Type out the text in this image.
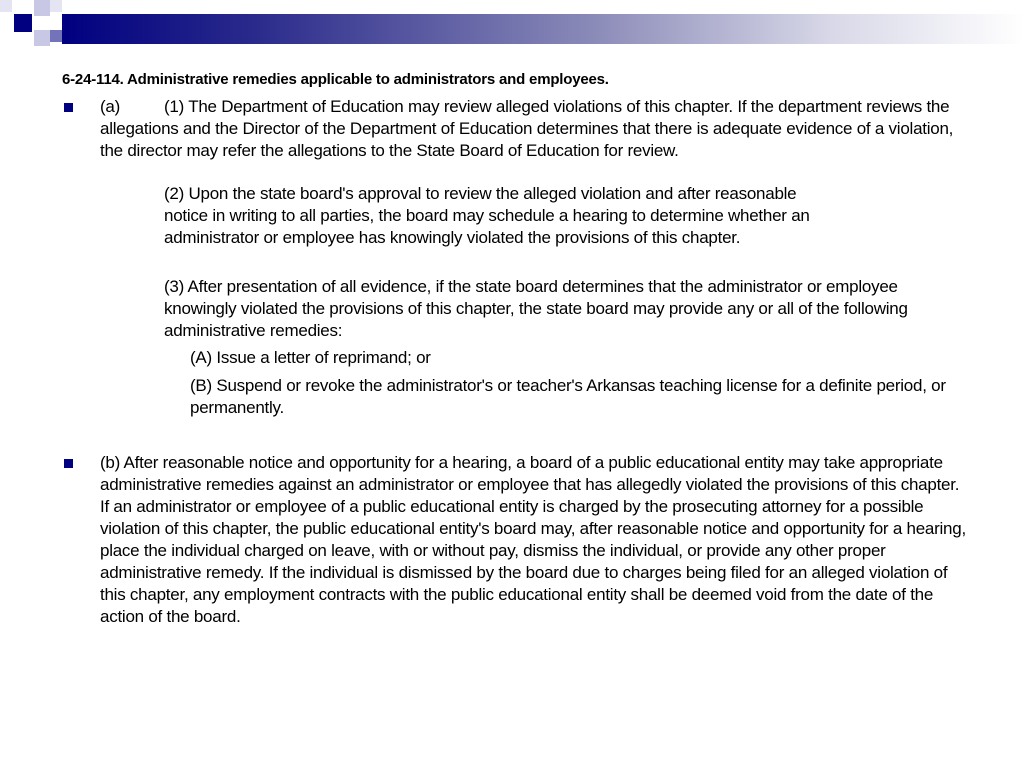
6-24-114. Administrative remedies applicable to administrators and employees.
(a)	(1) The Department of Education may review alleged violations of this chapter. If the department reviews the allegations and the Director of the Department of Education determines that there is adequate evidence of a violation, the director may refer the allegations to the State Board of Education for review.
(2) Upon the state board's approval to review the alleged violation and after reasonable notice in writing to all parties, the board may schedule a hearing to determine whether an administrator or employee has knowingly violated the provisions of this chapter.
(3) After presentation of all evidence, if the state board determines that the administrator or employee knowingly violated the provisions of this chapter, the state board may provide any or all of the following administrative remedies:
(A) Issue a letter of reprimand; or
(B) Suspend or revoke the administrator's or teacher's Arkansas teaching license for a definite period, or permanently.
(b) After reasonable notice and opportunity for a hearing, a board of a public educational entity may take appropriate administrative remedies against an administrator or employee that has allegedly violated the provisions of this chapter. If an administrator or employee of a public educational entity is charged by the prosecuting attorney for a possible violation of this chapter, the public educational entity's board may, after reasonable notice and opportunity for a hearing, place the individual charged on leave, with or without pay, dismiss the individual, or provide any other proper administrative remedy. If the individual is dismissed by the board due to charges being filed for an alleged violation of this chapter, any employment contracts with the public educational entity shall be deemed void from the date of the action of the board.
